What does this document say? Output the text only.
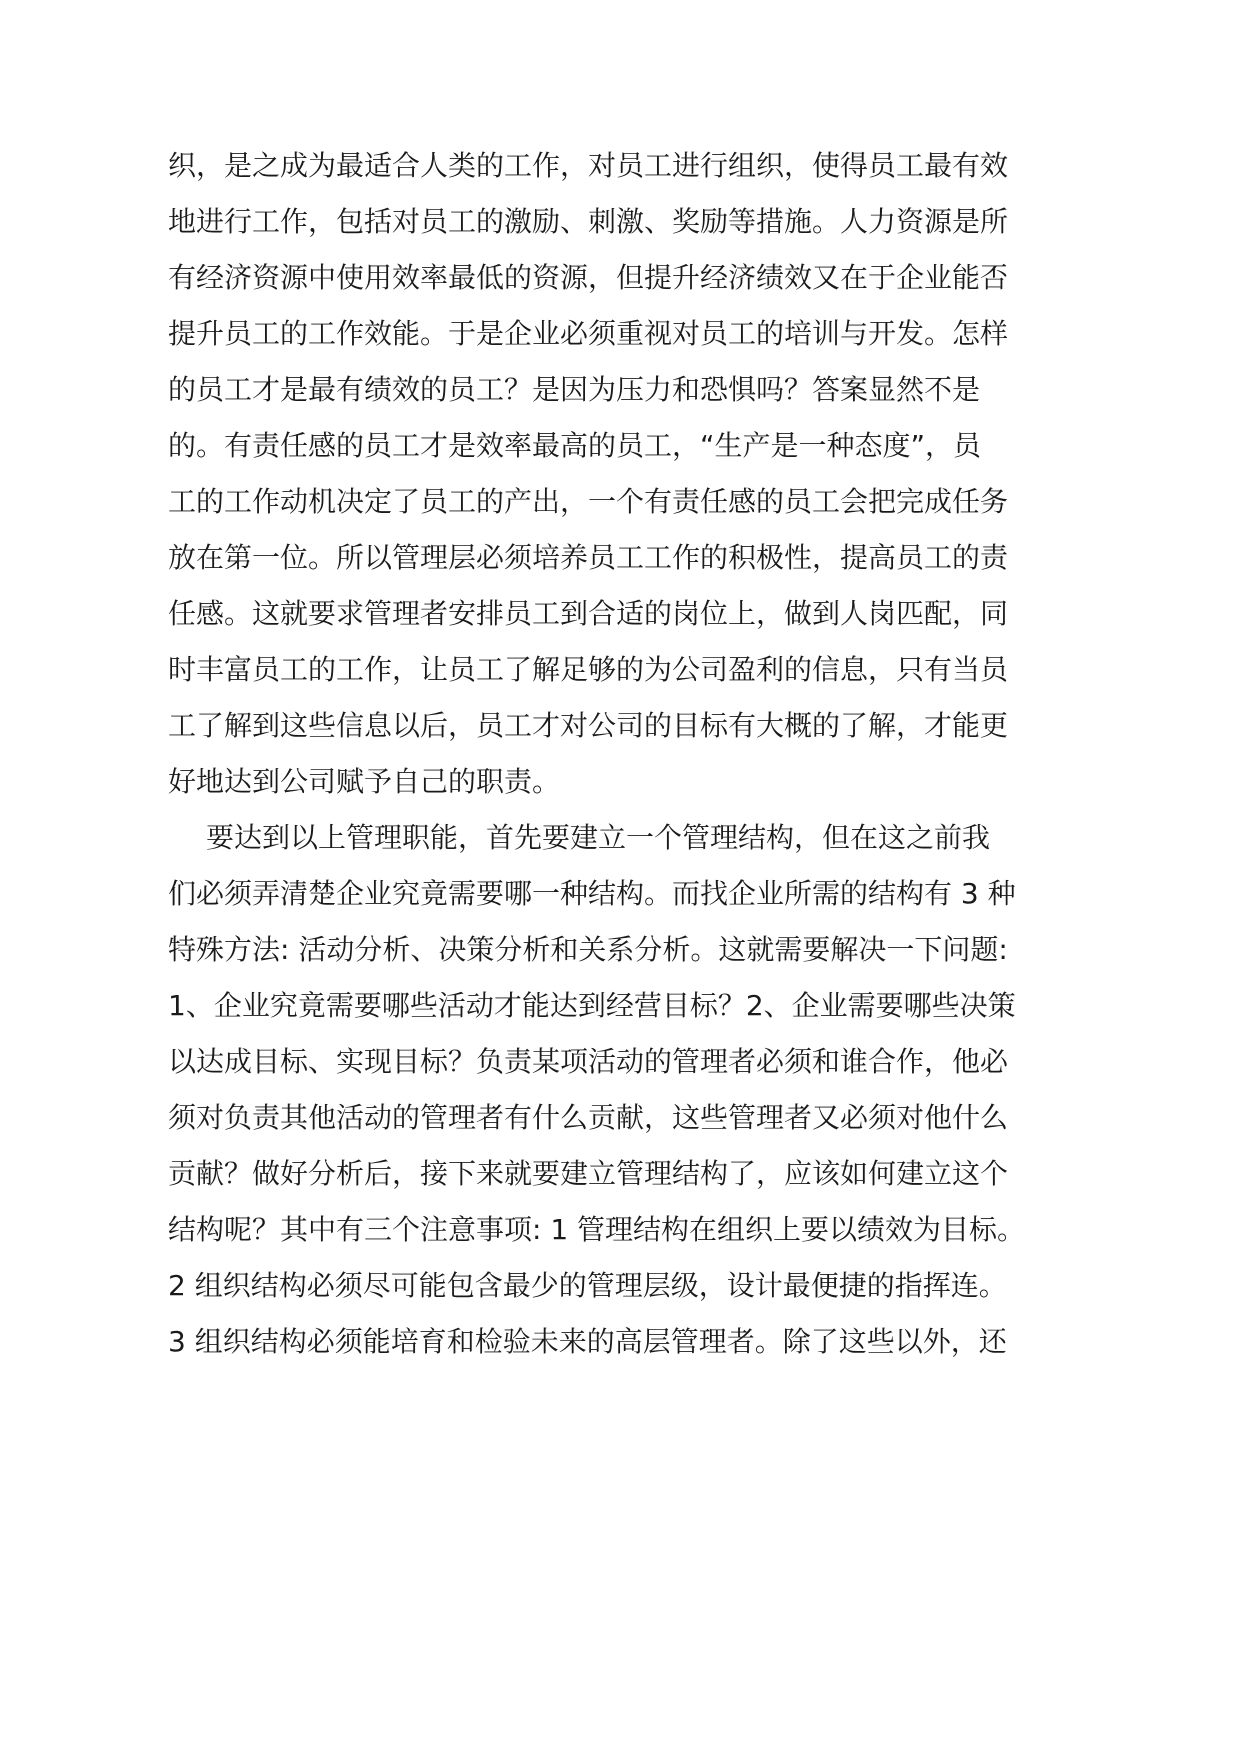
织，是之成为最适合人类的工作，对员工进行组织，使得员工最有效
地进行工作，包括对员工的激励、刺激、奖励等措施。人力资源是所
有经济资源中使用效率最低的资源，但提升经济绩效又在于企业能否
提升员工的工作效能。于是企业必须重视对员工的培训与开发。怎样
的员工才是最有绩效的员工？是因为压力和恐惧吗？答案显然不是
的。有责任感的员工才是效率最高的员工，“生产是一种态度”，员
工的工作动机决定了员工的产出，一个有责任感的员工会把完成任务
放在第一位。所以管理层必须培养员工工作的积极性，提高员工的责
任感。这就要求管理者安排员工到合适的岗位上，做到人岗匹配，同
时丰富员工的工作，让员工了解足够的为公司盈利的信息，只有当员
工了解到这些信息以后，员工才对公司的目标有大概的了解，才能更
好地达到公司赋予自己的职责。
要达到以上管理职能，首先要建立一个管理结构，但在这之前我
们必须弄清楚企业究竟需要哪一种结构。而找企业所需的结构有 3 种
特殊方法: 活动分析、决策分析和关系分析。这就需要解决一下问题:
1、企业究竟需要哪些活动才能达到经营目标？2、企业需要哪些决策
以达成目标、实现目标？负责某项活动的管理者必须和谁合作，他必
须对负责其他活动的管理者有什么贡献，这些管理者又必须对他什么
贡献？做好分析后，接下来就要建立管理结构了，应该如何建立这个
结构呢？其中有三个注意事项: 1 管理结构在组织上要以绩效为目标。
2 组织结构必须尽可能包含最少的管理层级，设计最便捷的指挥连。
3 组织结构必须能培育和检验未来的高层管理者。除了这些以外，还
